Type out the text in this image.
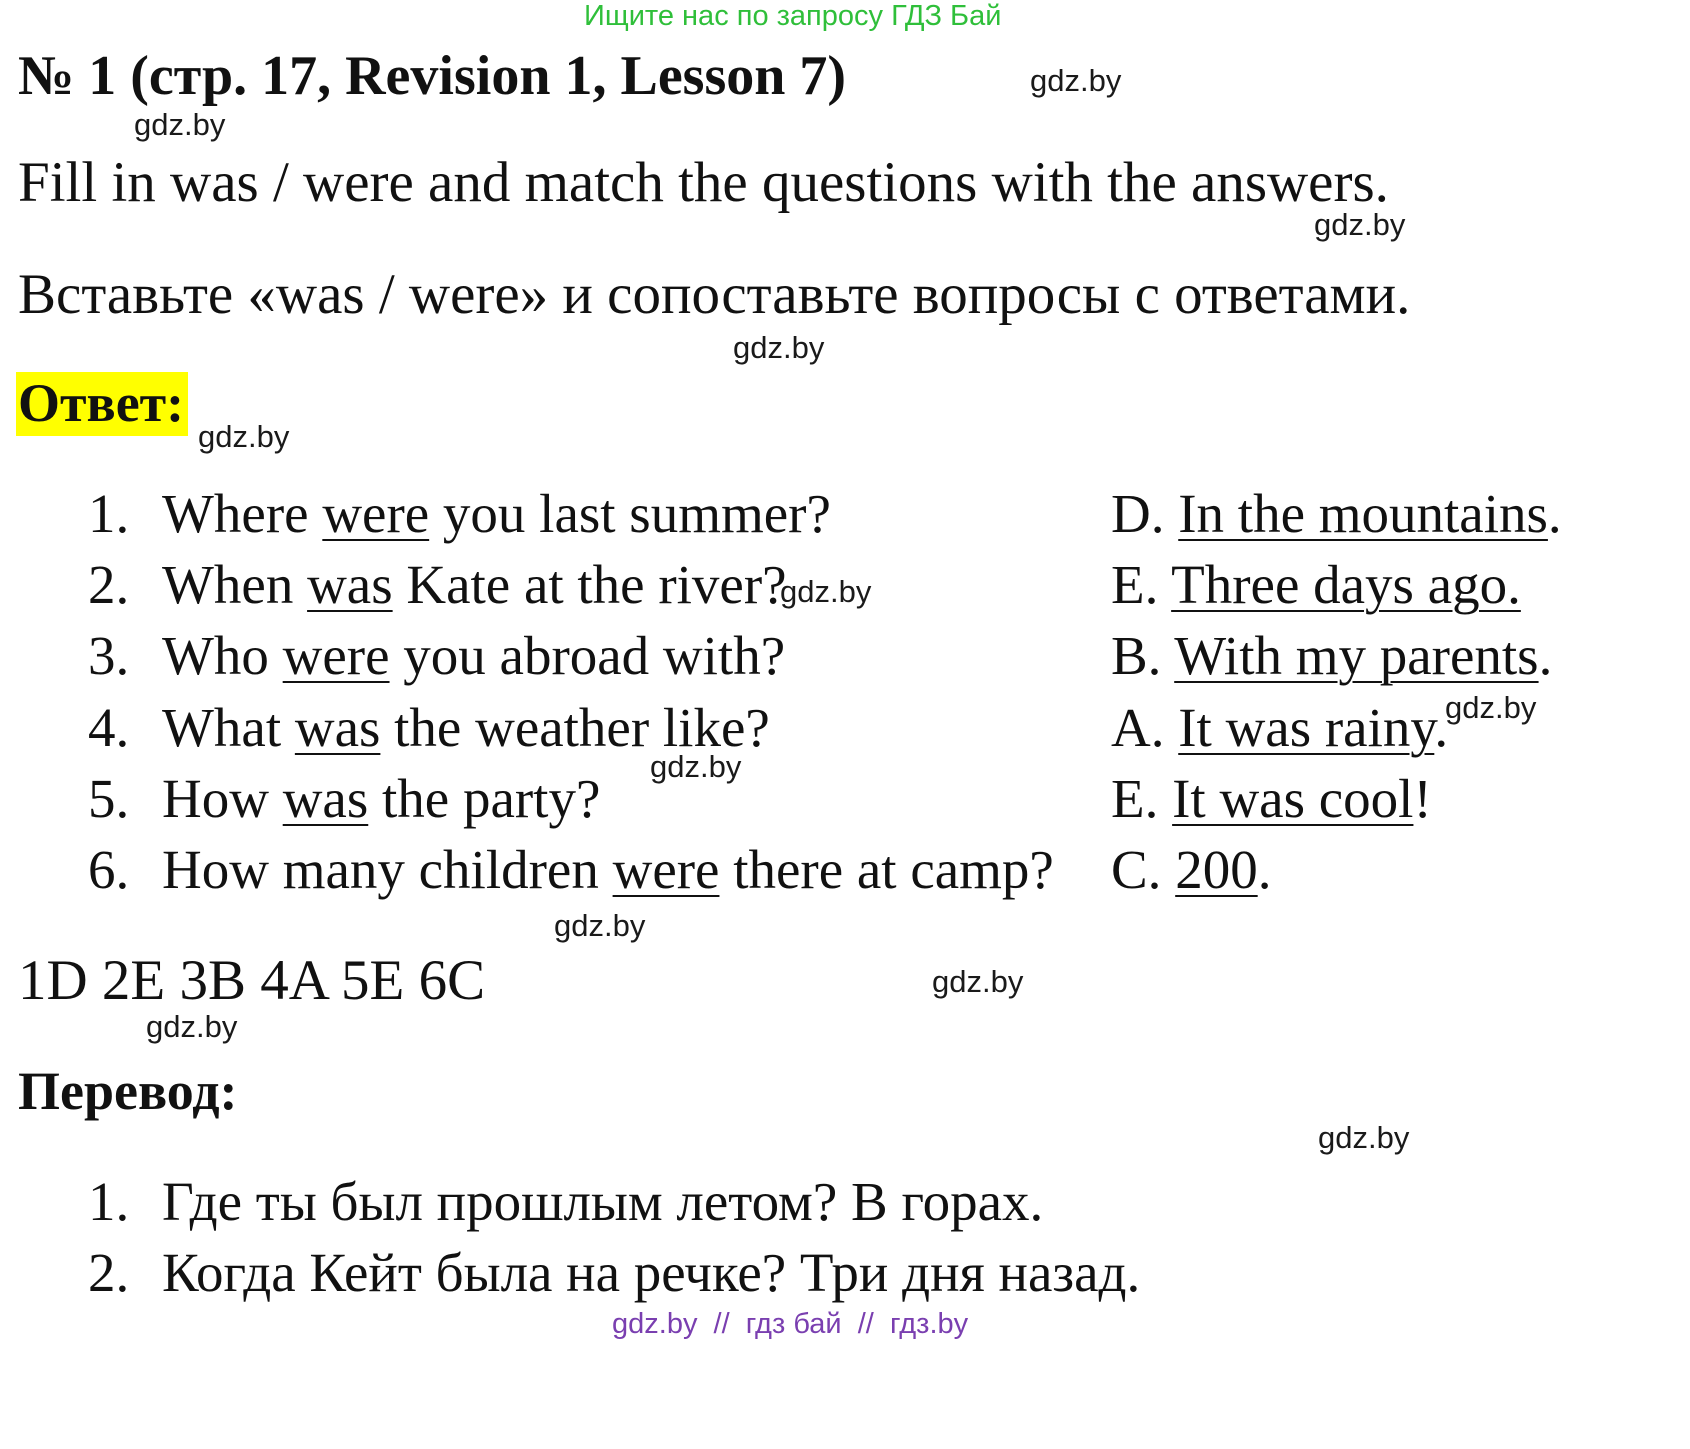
Ищите нас по запросу ГДЗ Бай
№ 1 (стр. 17, Revision 1, Lesson 7)
Fill in was / were and match the questions with the answers.
Вставьте «was / were» и сопоставьте вопросы с ответами.
Ответ:
1. Where were you last summer?
2. When was Kate at the river?
3. Who were you abroad with?
4. What was the weather like?
5. How was the party?
6. How many children were there at camp?
D. In the mountains.
E. Three days ago.
B. With my parents.
A. It was rainy.
E. It was cool!
C. 200.
1D 2E 3B 4A 5E 6C
Перевод:
1. Где ты был прошлым летом? В горах.
2. Когда Кейт была на речке? Три дня назад.
gdz.by
gdz.by
gdz.by
gdz.by
gdz.by
gdz.by
gdz.by
gdz.by
gdz.by
gdz.by
gdz.by
gdz.by
gdz.by  //  гдз бай  //  гдз.by
